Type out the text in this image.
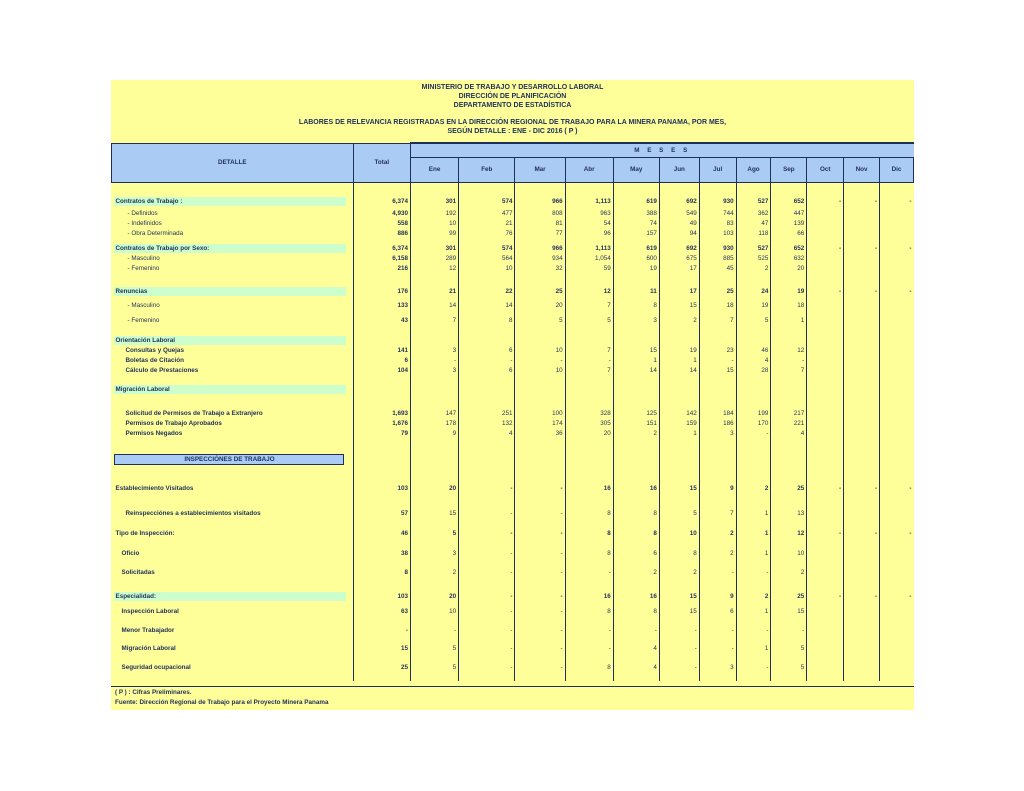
MINISTERIO DE TRABAJO Y DESARROLLO LABORAL
DIRECCIÓN DE PLANIFICACIÓN
DEPARTAMENTO DE ESTADÍSTICA
LABORES DE RELEVANCIA REGISTRADAS EN LA DIRECCIÓN REGIONAL DE TRABAJO PARA LA MINERA PANAMA, POR MES,
SEGÚN DETALLE : ENE - DIC 2016 ( P )
DETALLE	Total	M E S E S											
		Ene	Feb	Mar	Abr	May	Jun	Jul	Ago	Sep	Oct	Nov	Dic

Contratos de Trabajo :	6,374	301	574	966	1,113	619	692	930	527	652	-	-	-
- Definidos	4,930	192	477	808	963	388	549	744	362	447			
- Indefinidos	558	10	21	81	54	74	49	83	47	139			
- Obra Determinada	886	99	76	77	96	157	94	103	118	66			

Contratos de Trabajo por Sexo:	6,374	301	574	966	1,113	619	692	930	527	652	-	-	-
- Masculino	6,158	289	564	934	1,054	600	675	885	525	632			
- Femenino	216	12	10	32	59	19	17	45	2	20			

Renuncias	176	21	22	25	12	11	17	25	24	19	-	-	-
- Masculino	133	14	14	20	7	8	15	18	19	18			
- Femenino	43	7	8	5	5	3	2	7	5	1			

Orientación Laboral													
Consultas y Quejas	141	3	6	10	7	15	19	23	46	12			
Boletas de Citación	6	-	-	-	-	1	1	-	4	-			
Cálculo de Prestaciones	104	3	6	10	7	14	14	15	28	7			

Migración Laboral													

Solicitud de Permisos de Trabajo a Extranjero	1,693	147	251	100	328	125	142	184	199	217			
Permisos de Trabajo Aprobados	1,676	178	132	174	305	151	159	186	170	221			
Permisos Negados	79	9	4	36	20	2	1	3	-	4			

INSPECCIÓNES DE TRABAJO													

Establecimiento Visitados	103	20	-	-	16	16	15	9	2	25	-	-	-

Reinspecciónes a establecimientos visitados	57	15	-	-	8	8	5	7	1	13			

Tipo de Inspección:	46	5	-	-	8	8	10	2	1	12	-	-	-

Oficio	38	3	-	-	8	6	8	2	1	10			

Solicitadas	8	2	-	-	-	2	2	-	-	2			

Especialidad:	103	20	-	-	16	16	15	9	2	25	-	-	-

Inspección Laboral	63	10	-	-	8	8	15	6	1	15			

Menor Trabajador	-	-	-	-	-	-	-	-	-	-			

Migración Laboral	15	5	-	-	-	4	-	-	1	5			

Seguridad ocupacional	25	5	-	-	8	4	-	3	-	5			

( P ) : Cifras Preliminares.
Fuente: Dirección Regional de Trabajo para el Proyecto Minera Panama
